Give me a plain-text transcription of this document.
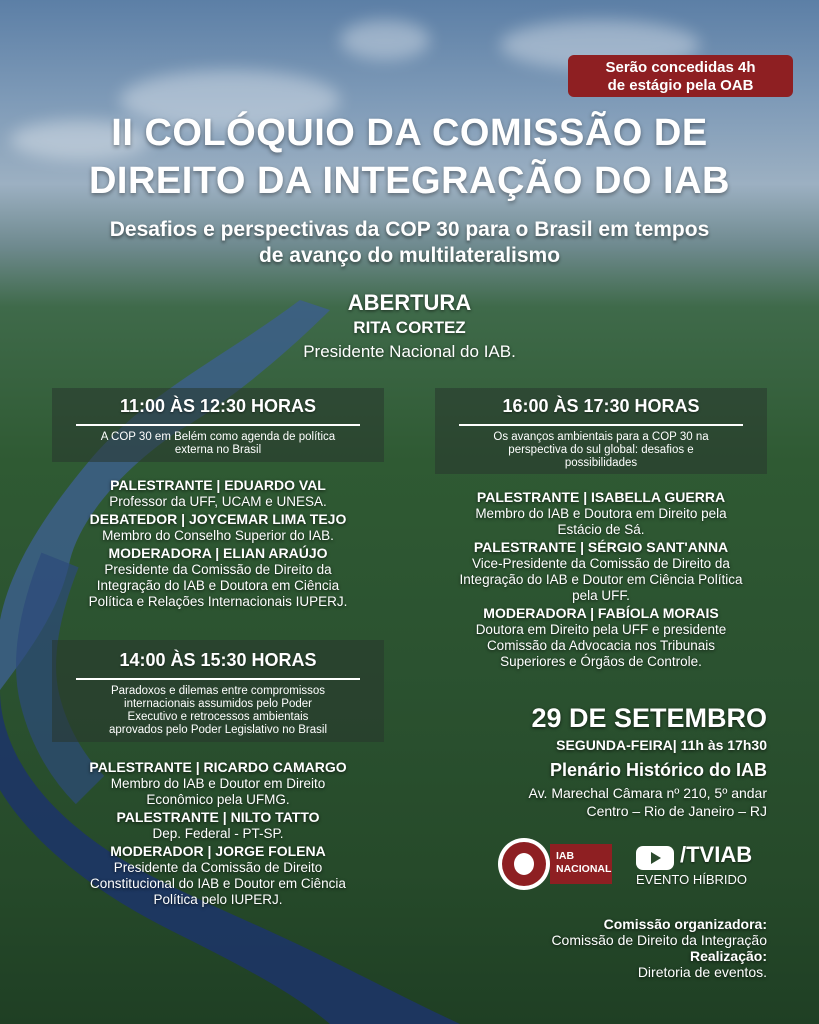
Serão concedidas 4h
de estágio pela OAB
II COLÓQUIO DA COMISSÃO DE
DIREITO DA INTEGRAÇÃO DO IAB
Desafios e perspectivas da COP 30 para o Brasil em tempos
de avanço do multilateralismo
ABERTURA
RITA CORTEZ
Presidente Nacional do IAB.
11:00 ÀS 12:30 HORAS
A COP 30 em Belém como agenda de política
externa no Brasil
PALESTRANTE | EDUARDO VAL
Professor da UFF, UCAM e UNESA.
DEBATEDOR | JOYCEMAR LIMA TEJO
Membro do Conselho Superior do IAB.
MODERADORA | ELIAN ARAÚJO
Presidente da Comissão de Direito da
Integração do IAB e Doutora em Ciência
Política e Relações Internacionais IUPERJ.
14:00 ÀS 15:30 HORAS
Paradoxos e dilemas entre compromissos
internacionais assumidos pelo Poder
Executivo e retrocessos ambientais
aprovados pelo Poder Legislativo no Brasil
PALESTRANTE | RICARDO CAMARGO
Membro do IAB e Doutor em Direito
Econômico pela UFMG.
PALESTRANTE | NILTO TATTO
Dep. Federal - PT-SP.
MODERADOR | JORGE FOLENA
Presidente da Comissão de Direito
Constitucional do IAB e Doutor em Ciência
Política pelo IUPERJ.
16:00 ÀS 17:30 HORAS
Os avanços ambientais para a COP 30 na
perspectiva do sul global: desafios e
possibilidades
PALESTRANTE | ISABELLA GUERRA
Membro do IAB e Doutora em Direito pela
Estácio de Sá.
PALESTRANTE | SÉRGIO SANT'ANNA
Vice-Presidente da Comissão de Direito da
Integração do IAB e Doutor em Ciência Política
pela UFF.
MODERADORA | FABÍOLA MORAIS
Doutora em Direito pela UFF e presidente
Comissão da Advocacia nos Tribunais
Superiores e Órgãos de Controle.
29 DE SETEMBRO
SEGUNDA-FEIRA| 11h às 17h30
Plenário Histórico do IAB
Av. Marechal Câmara nº 210, 5º andar
Centro – Rio de Janeiro – RJ
IAB
NACIONAL
/TVIAB
EVENTO HÍBRIDO
Comissão organizadora:
Comissão de Direito da Integração
Realização:
Diretoria de eventos.
